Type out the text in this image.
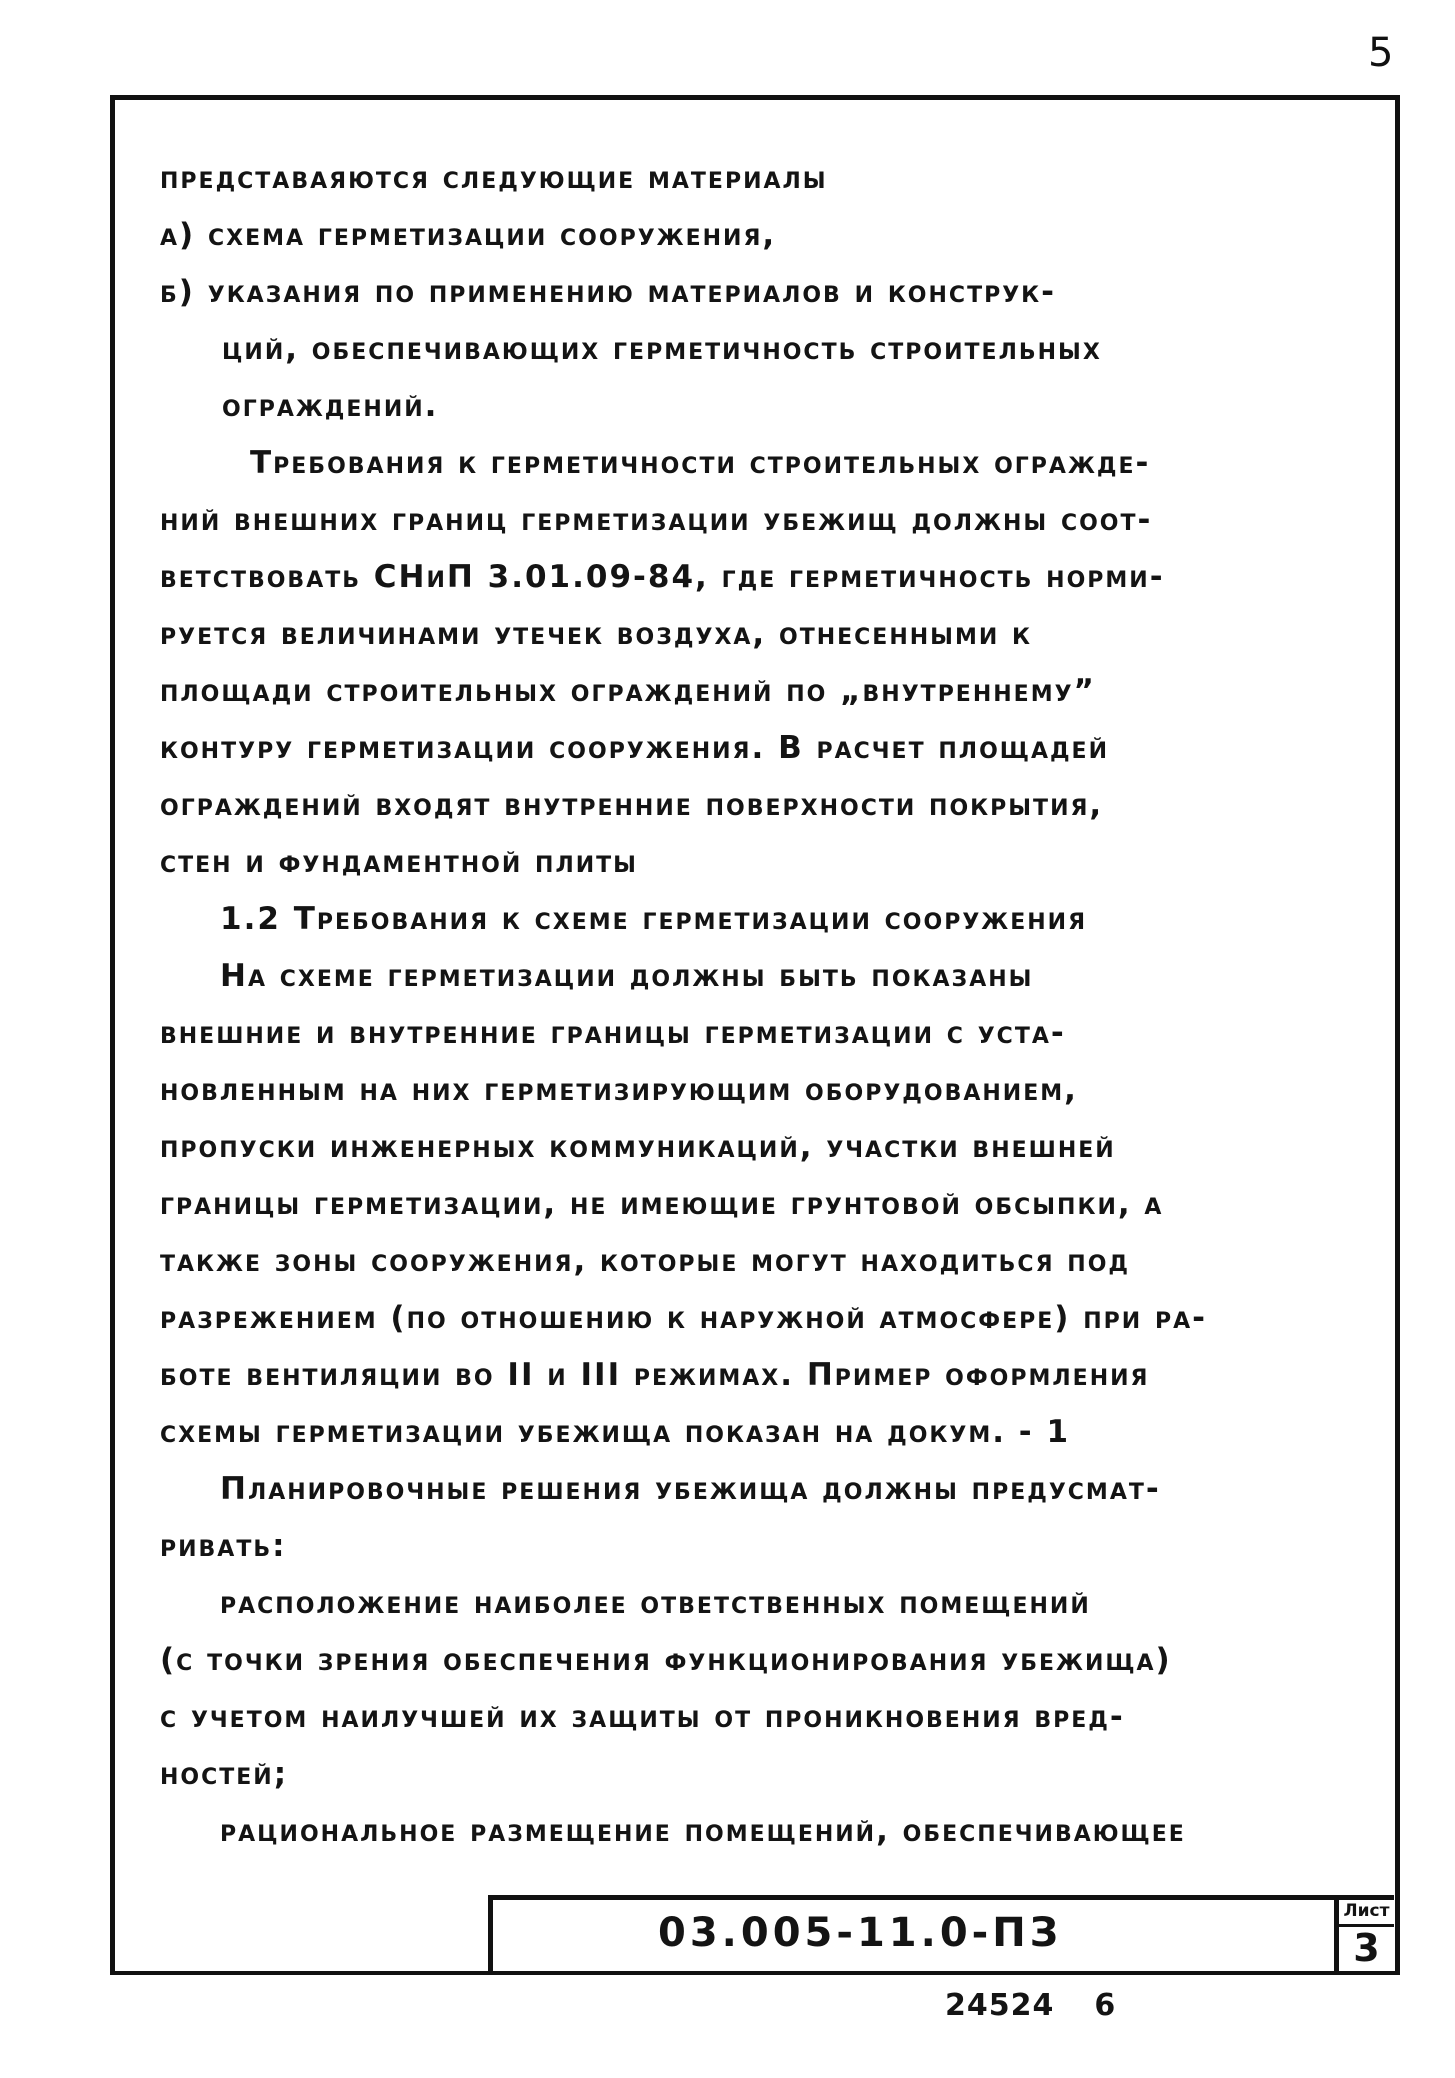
5
представаяются следующие материалы
а) схема герметизации сооружения,
б) указания по применению материалов и конструк-
ций, обеспечивающих герметичность строительных
ограждений.
Требования к герметичности строительных огражде-
ний внешних границ герметизации убежищ должны соот-
ветствовать СНиП 3.01.09-84, где герметичность норми-
руется величинами утечек воздуха, отнесенными к
площади строительных ограждений по „внутреннему”
контуру герметизации сооружения. В расчет площадей
ограждений входят внутренние поверхности покрытия,
стен и фундаментной плиты
1.2 Требования к схеме герметизации сооружения
На схеме герметизации должны быть показаны
внешние и внутренние границы герметизации с уста-
новленным на них герметизирующим оборудованием,
пропуски инженерных коммуникаций, участки внешней
границы герметизации, не имеющие грунтовой обсыпки, а
также зоны сооружения, которые могут находиться под
разрежением (по отношению к наружной атмосфере) при ра-
боте вентиляции во II и III режимах. Пример оформления
схемы герметизации убежища показан на докум. - 1
Планировочные решения убежища должны предусмат-
ривать:
расположение наиболее ответственных помещений
(с точки зрения обеспечения функционирования убежища)
с учетом наилучшей их защиты от проникновения вред-
ностей;
рациональное размещение помещений, обеспечивающее
03.005-11.0-ПЗ	Лист
3
24524 6
